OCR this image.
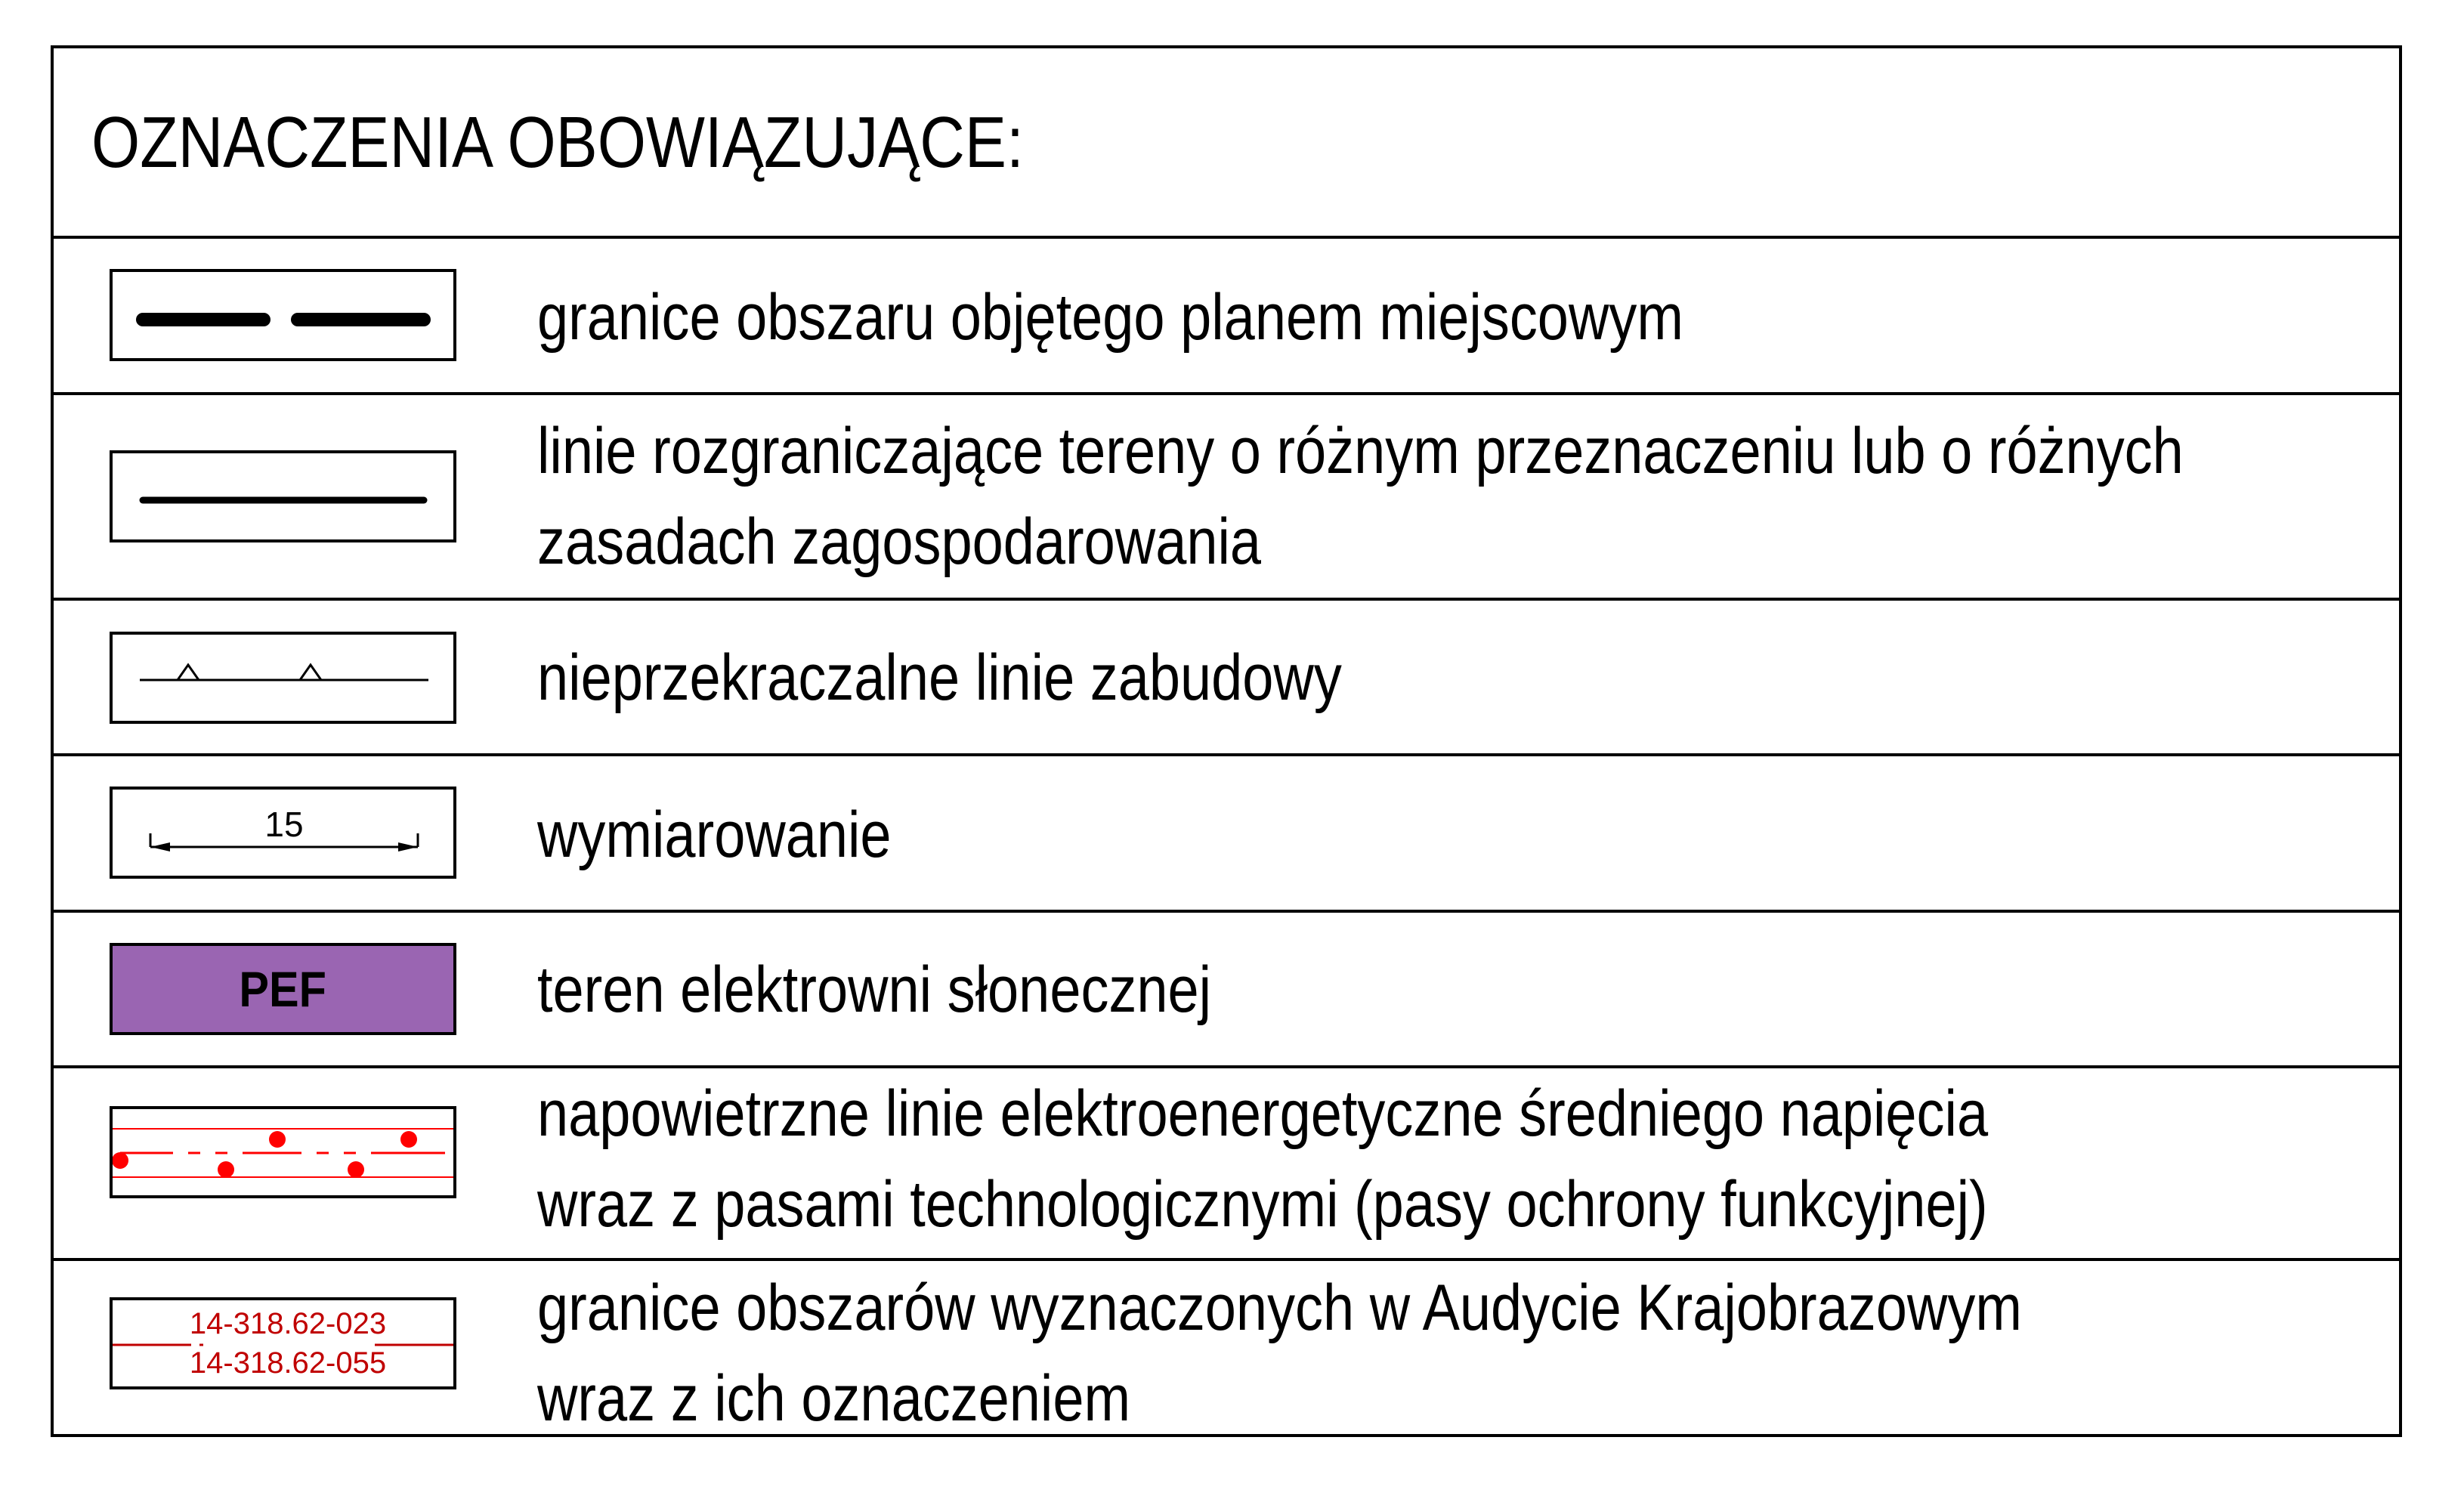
OZNACZENIA OBOWIĄZUJĄCE:
granice obszaru objętego planem miejscowym
linie rozgraniczające tereny o różnym przeznaczeniu lub o różnych
zasadach zagospodarowania
nieprzekraczalne linie zabudowy
15	wymiarowanie
PEF	teren elektrowni słonecznej
napowietrzne linie elektroenergetyczne średniego napięcia
wraz z pasami technologicznymi (pasy ochrony funkcyjnej)
14-318.62-023
14-318.62-055
granice obszarów wyznaczonych w Audycie Krajobrazowym
wraz z ich oznaczeniem
